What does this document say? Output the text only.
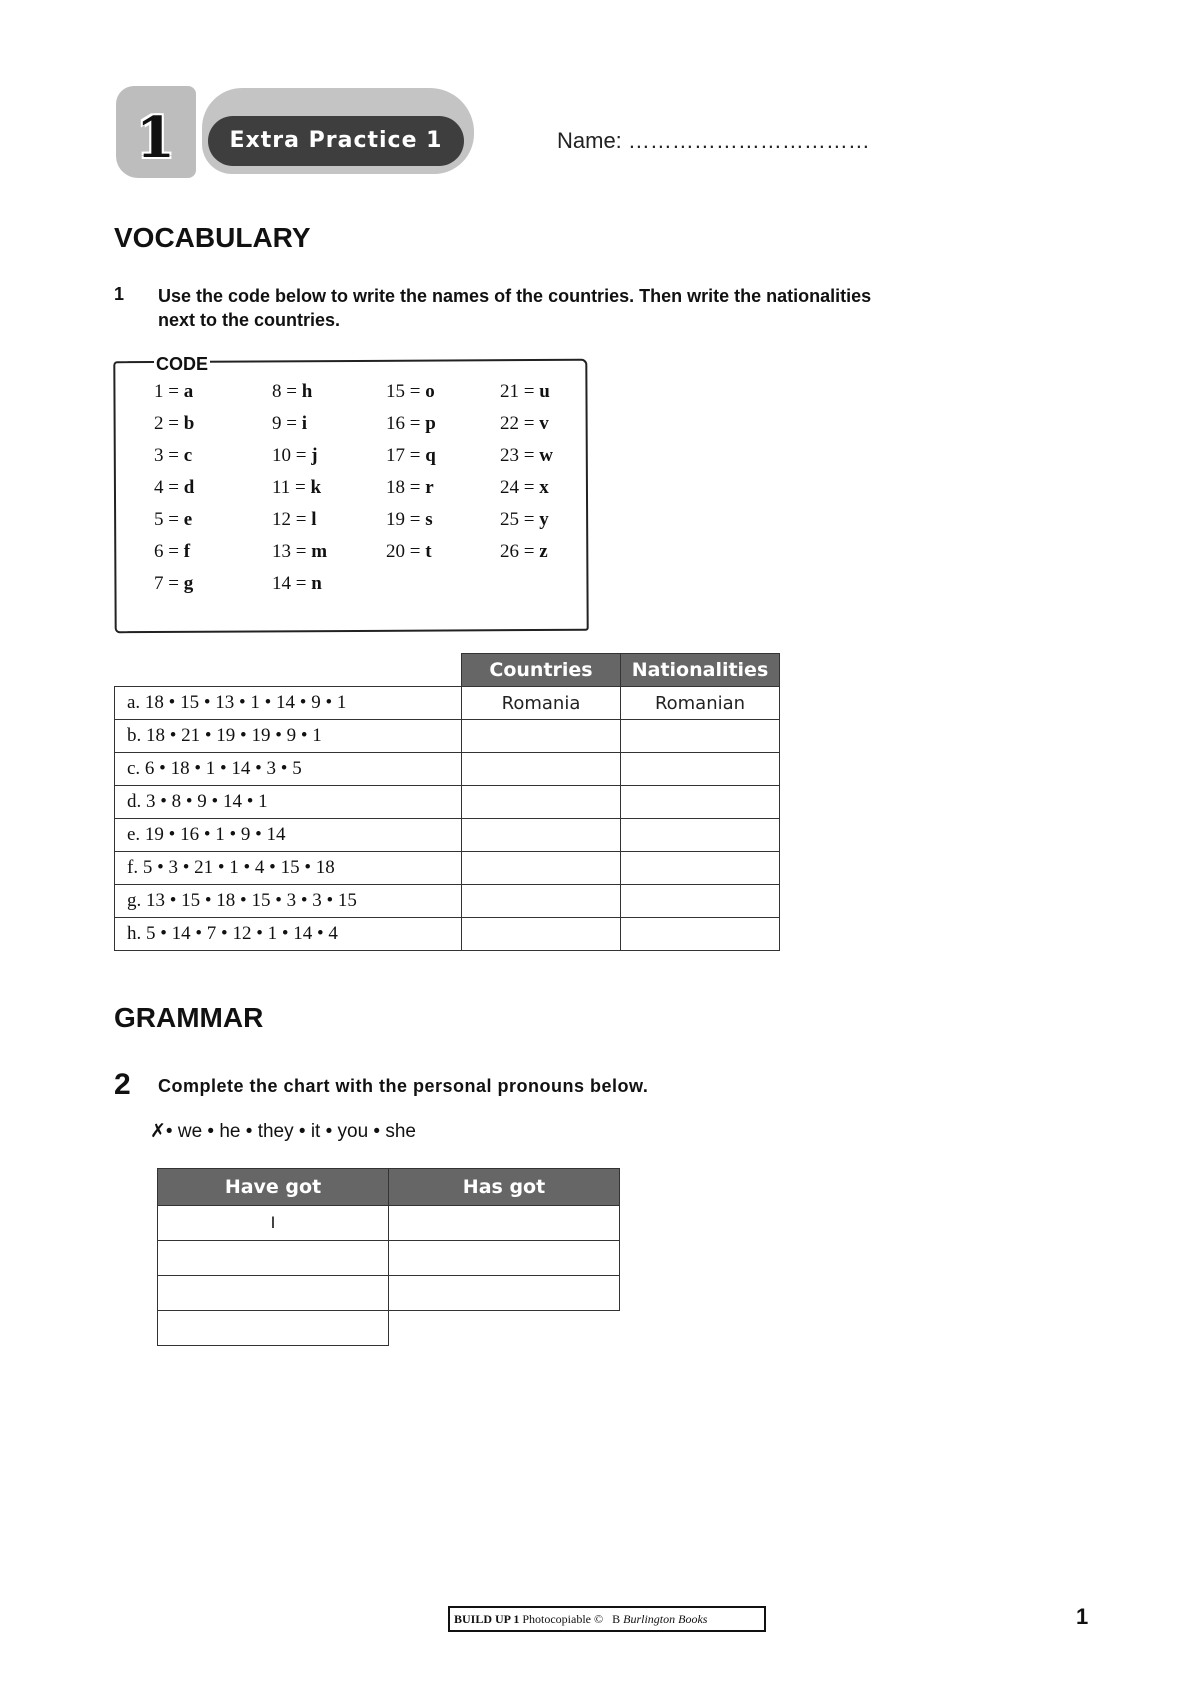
1	Extra Practice 1	Name: ……………………………
VOCABULARY
1 Use the code below to write the names of the countries. Then write the nationalities
next to the countries.
CODE
1 = a	8 = h	15 = o	21 = u
2 = b	9 = i	16 = p	22 = v
3 = c	10 = j	17 = q	23 = w
4 = d	11 = k	18 = r	24 = x
5 = e	12 = l	19 = s	25 = y
6 = f	13 = m	20 = t	26 = z
7 = g	14 = n
	Countries	Nationalities
a. 18 • 15 • 13 • 1 • 14 • 9 • 1	Romania	Romanian
b. 18 • 21 • 19 • 19 • 9 • 1		
c. 6 • 18 • 1 • 14 • 3 • 5		
d. 3 • 8 • 9 • 14 • 1		
e. 19 • 16 • 1 • 9 • 14		
f. 5 • 3 • 21 • 1 • 4 • 15 • 18		
g. 13 • 15 • 18 • 15 • 3 • 3 • 15		
h. 5 • 14 • 7 • 12 • 1 • 14 • 4		
GRAMMAR
2 Complete the chart with the personal pronouns below.
✗• we • he • they • it • you • she
Have got	Has got
I	

BUILD UP 1 Photocopiable © B Burlington Books	1
